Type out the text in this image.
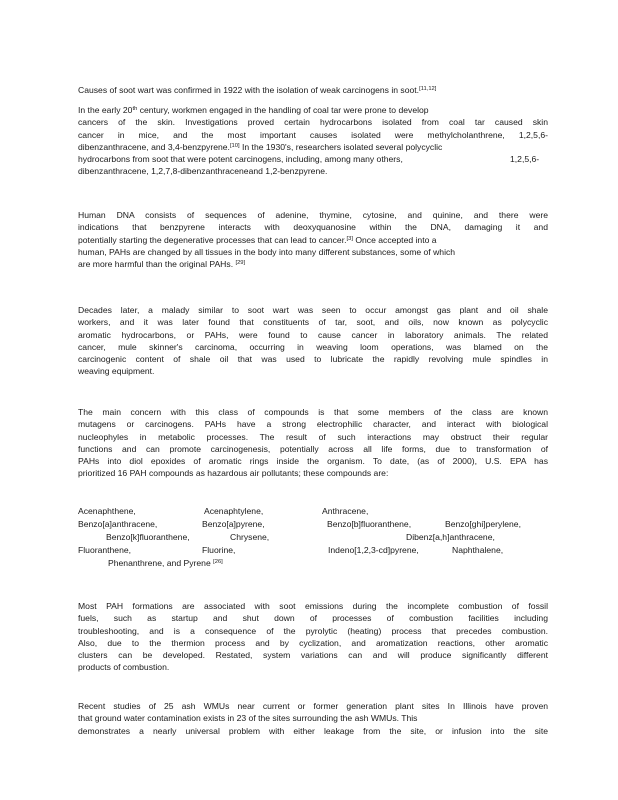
Causes of soot wart was confirmed in 1922 with the isolation of weak carcinogens in soot.[11,12]
In the early 20th century, workmen engaged in the handling of coal tar were prone to develop
cancers of the skin. Investigations proved certain hydrocarbons isolated from coal tar caused skin
cancer in mice, and the most important causes isolated were methylcholanthrene, 1,2,5,6-
dibenzanthracene, and 3,4-benzpyrene.[10] In the 1930's, researchers isolated several polycyclic
hydrocarbons from soot that were potent carcinogens, including, among many others,	1,2,5,6-
dibenzanthracene, 1,2,7,8-dibenzanthraceneand 1,2-benzpyrene.
Human DNA consists of sequences of adenine, thymine, cytosine, and quinine, and there were
indications that benzpyrene interacts with deoxyquanosine within the DNA, damaging it and
potentially starting the degenerative processes that can lead to cancer.[3] Once accepted into a
human, PAHs are changed by all tissues in the body into many different substances, some of which
are more harmful than the original PAHs. [29]
Decades later, a malady similar to soot wart was seen to occur amongst gas plant and oil shale
workers, and it was later found that constituents of tar, soot, and oils, now known as polycyclic
aromatic hydrocarbons, or PAHs, were found to cause cancer in laboratory animals. The related
cancer, mule skinner's carcinoma, occurring in weaving loom operations, was blamed on the
carcinogenic content of shale oil that was used to lubricate the rapidly revolving mule spindles in
weaving equipment.
The main concern with this class of compounds is that some members of the class are known
mutagens or carcinogens. PAHs have a strong electrophilic character, and interact with biological
nucleophyles in metabolic processes. The result of such interactions may obstruct their regular
functions and can promote carcinogenesis, potentially across all life forms, due to transformation of
PAHs into diol epoxides of aromatic rings inside the organism. To date, (as of 2000), U.S. EPA has
prioritized 16 PAH compounds as hazardous air pollutants; these compounds are:
Acenaphthene,	Acenaphtylene,	Anthracene,
Benzo[a]anthracene,	Benzo[a]pyrene,	Benzo[b]fluoranthene,	Benzo[ghi]perylene,
Benzo[k]fluoranthene,	Chrysene,	Dibenz[a,h]anthracene,
Fluoranthene,	Fluorine,	Indeno[1,2,3-cd]pyrene,	Naphthalene,
Phenanthrene, and Pyrene [26]
Most PAH formations are associated with soot emissions during the incomplete combustion of fossil
fuels, such as startup and shut down of processes of combustion facilities including
troubleshooting, and is a consequence of the pyrolytic (heating) process that precedes combustion.
Also, due to the thermion process and by cyclization, and aromatization reactions, other aromatic
clusters can be developed. Restated, system variations can and will produce significantly different
products of combustion.
Recent studies of 25 ash WMUs near current or former generation plant sites In Illinois have proven
that ground water contamination exists in 23 of the sites surrounding the ash WMUs. This
demonstrates a nearly universal problem with either leakage from the site, or infusion into the site
